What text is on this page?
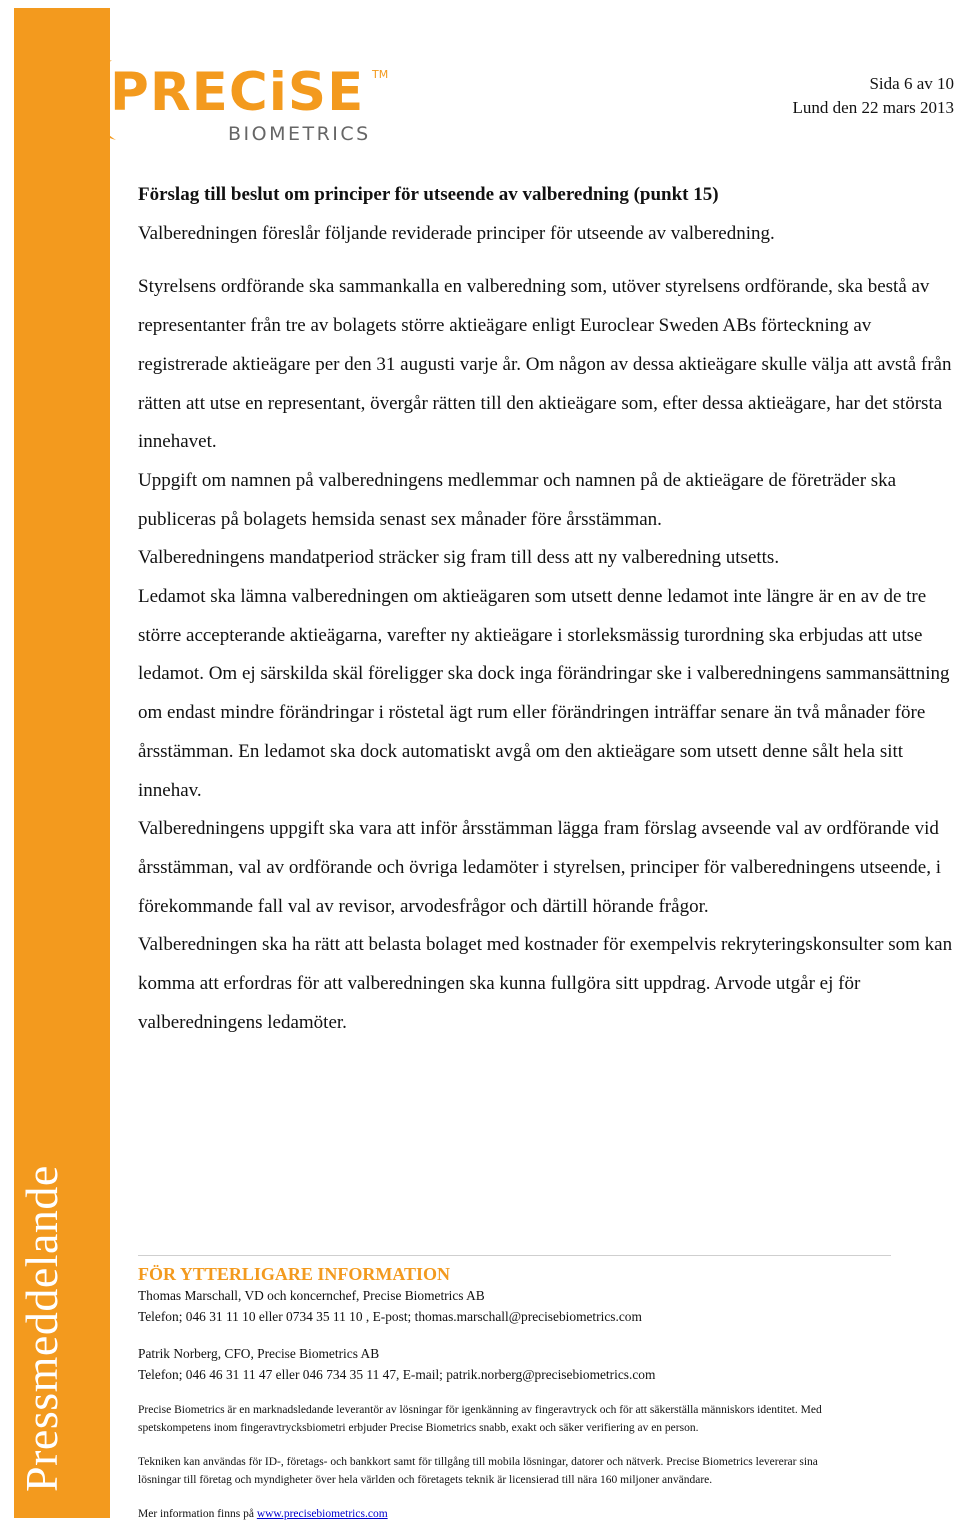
Pressmeddelande
PRECiSE TM
BIOMETRICS
Sida 6 av 10
Lund den 22 mars 2013

Förslag till beslut om principer för utseende av valberedning (punkt 15)

Valberedningen föreslår följande reviderade principer för utseende av valberedning.

Styrelsens ordförande ska sammankalla en valberedning som, utöver styrelsens ordförande, ska bestå av representanter från tre av bolagets större aktieägare enligt Euroclear Sweden ABs förteckning av registrerade aktieägare per den 31 augusti varje år. Om någon av dessa aktieägare skulle välja att avstå från rätten att utse en representant, övergår rätten till den aktieägare som, efter dessa aktieägare, har det största innehavet.

Uppgift om namnen på valberedningens medlemmar och namnen på de aktieägare de företräder ska publiceras på bolagets hemsida senast sex månader före årsstämman.

Valberedningens mandatperiod sträcker sig fram till dess att ny valberedning utsetts.

Ledamot ska lämna valberedningen om aktieägaren som utsett denne ledamot inte längre är en av de tre större accepterande aktieägarna, varefter ny aktieägare i storleksmässig turordning ska erbjudas att utse ledamot. Om ej särskilda skäl föreligger ska dock inga förändringar ske i valberedningens sammansättning om endast mindre förändringar i röstetal ägt rum eller förändringen inträffar senare än två månader före årsstämman. En ledamot ska dock automatiskt avgå om den aktieägare som utsett denne sålt hela sitt innehav.

Valberedningens uppgift ska vara att inför årsstämman lägga fram förslag avseende val av ordförande vid årsstämman, val av ordförande och övriga ledamöter i styrelsen, principer för valberedningens utseende, i förekommande fall val av revisor, arvodesfrågor och därtill hörande frågor.

Valberedningen ska ha rätt att belasta bolaget med kostnader för exempelvis rekryteringskonsulter som kan komma att erfordras för att valberedningen ska kunna fullgöra sitt uppdrag. Arvode utgår ej för valberedningens ledamöter.

FÖR YTTERLIGARE INFORMATION
Thomas Marschall, VD och koncernchef, Precise Biometrics AB
Telefon; 046 31 11 10 eller 0734 35 11 10 , E-post; thomas.marschall@precisebiometrics.com
Patrik Norberg, CFO, Precise Biometrics AB
Telefon; 046 46 31 11 47 eller 046 734 35 11 47, E-mail; patrik.norberg@precisebiometrics.com
Precise Biometrics är en marknadsledande leverantör av lösningar för igenkänning av fingeravtryck och för att säkerställa människors identitet. Med
spetskompetens inom fingeravtrycksbiometri erbjuder Precise Biometrics snabb, exakt och säker verifiering av en person.
Tekniken kan användas för ID-, företags- och bankkort samt för tillgång till mobila lösningar, datorer och nätverk. Precise Biometrics levererar sina
lösningar till företag och myndigheter över hela världen och företagets teknik är licensierad till nära 160 miljoner användare.
Mer information finns på www.precisebiometrics.com
